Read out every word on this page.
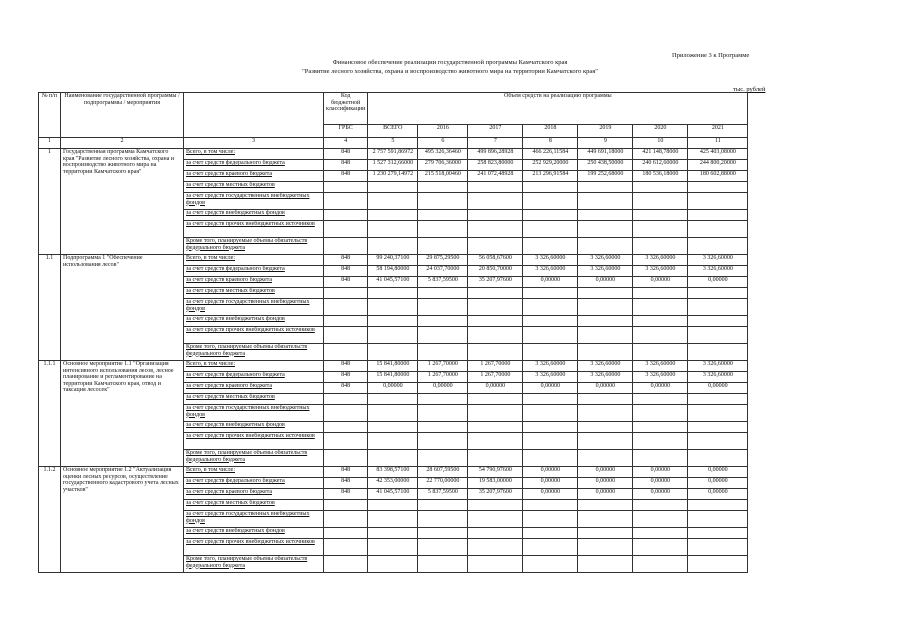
Приложение 3 к Программе
Финансовое обеспечение реализации государственной программы Камчатского края
"Развитие лесного хозяйства, охрана и воспроизводство животного мира на территории Камчатского края"
тыс. рублей
№ п/п	Наименование государственной программы / подпрограммы / мероприятия		Код бюджетной классификации	Объем средств на реализацию программы						
			ГРБС	ВСЕГО	2016	2017	2018	2019	2020	2021
1	2	3	4	5	6	7	8	9	10	11
1	Государственная программа Камчатского края "Развитие лесного хозяйства, охрана и воспроизводство животного мира на территории Камчатского края"	Всего, в том числе:	848	2 757 591,86972	495 326,36460	499 896,28928	466 226,11584	449 691,18000	421 148,78000	425 403,08000
		за счет средств федерального бюджета	848	1 527 312,66000	279 706,36000	258 823,80000	252 929,20000	250 438,50000	240 612,60000	244 800,20000
		за счет средств краевого бюджета	848	1 230 279,14972	215 518,00460	241 072,48928	213 296,91584	199 252,68000	180 536,18000	180 602,88000
		за счет средств местных бюджетов								
		за счет средств государственных внебюджетных фондов								
		за счет средств внебюджетных фондов								
		за счет средств прочих внебюджетных источников								
		Кроме того, планируемые объемы обязательств федерального бюджета								
1.1	Подпрограмма 1 "Обеспечение использования лесов"	Всего, в том числе:	848	99 240,37100	29 875,29500	56 058,67600	3 326,60000	3 326,60000	3 326,60000	3 326,60000
		за счет средств федерального бюджета	848	58 194,80000	24 037,70000	20 850,70000	3 326,60000	3 326,60000	3 326,60000	3 326,60000
		за счет средств краевого бюджета	848	41 045,57100	5 837,59500	35 207,97600	0,00000	0,00000	0,00000	0,00000
		за счет средств местных бюджетов								
		за счет средств государственных внебюджетных фондов								
		за счет средств внебюджетных фондов								
		за счет средств прочих внебюджетных источников								
		Кроме того, планируемые объемы обязательств федерального бюджета								
1.1.1	Основное мероприятие 1.1 "Организация интенсивного использования лесов, лесное планирование и регламентирование на территории Камчатского края, отвод и таксация лесосек"	Всего, в том числе:	848	15 841,80000	1 267,70000	1 267,70000	3 326,60000	3 326,60000	3 326,60000	3 326,60000
		за счет средств федерального бюджета	848	15 841,80000	1 267,70000	1 267,70000	3 326,60000	3 326,60000	3 326,60000	3 326,60000
		за счет средств краевого бюджета	848	0,00000	0,00000	0,00000	0,00000	0,00000	0,00000	0,00000
		за счет средств местных бюджетов								
		за счет средств государственных внебюджетных фондов								
		за счет средств внебюджетных фондов								
		за счет средств прочих внебюджетных источников								
		Кроме того, планируемые объемы обязательств федерального бюджета								
1.1.2	Основное мероприятие 1.2 "Актуализация оценки лесных ресурсов, осуществление государственного кадастрового учета лесных участков"	Всего, в том числе:	848	83 398,57100	28 607,59500	54 790,97600	0,00000	0,00000	0,00000	0,00000
		за счет средств федерального бюджета	848	42 353,00000	22 770,00000	19 583,00000	0,00000	0,00000	0,00000	0,00000
		за счет средств краевого бюджета	848	41 045,57100	5 837,59500	35 207,97600	0,00000	0,00000	0,00000	0,00000
		за счет средств местных бюджетов								
		за счет средств государственных внебюджетных фондов								
		за счет средств внебюджетных фондов								
		за счет средств прочих внебюджетных источников								
		Кроме того, планируемые объемы обязательств федерального бюджета								
